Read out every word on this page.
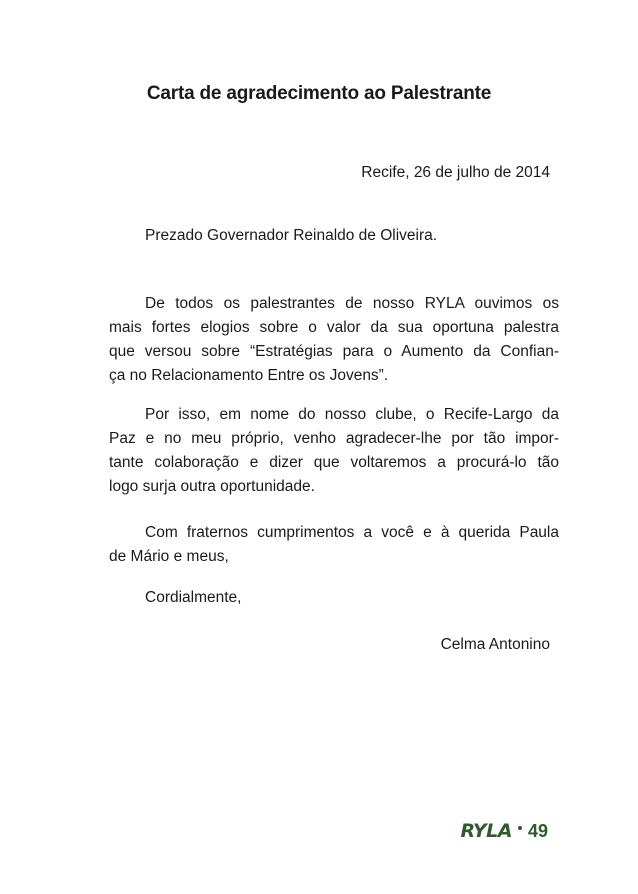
Carta de agradecimento ao Palestrante
Recife, 26 de julho de 2014
Prezado Governador Reinaldo de Oliveira.
De todos os palestrantes de nosso RYLA ouvimos os
mais fortes elogios sobre o valor da sua oportuna palestra
que versou sobre “Estratégias para o Aumento da Confian-
ça no Relacionamento Entre os Jovens”.
Por isso, em nome do nosso clube, o Recife-Largo da
Paz e no meu próprio, venho agradecer-lhe por tão impor-
tante colaboração e dizer que voltaremos a procurá-lo tão
logo surja outra oportunidade.
Com fraternos cumprimentos a você e à querida Paula
de Mário e meus,
Cordialmente,
Celma Antonino
RYLA 49
